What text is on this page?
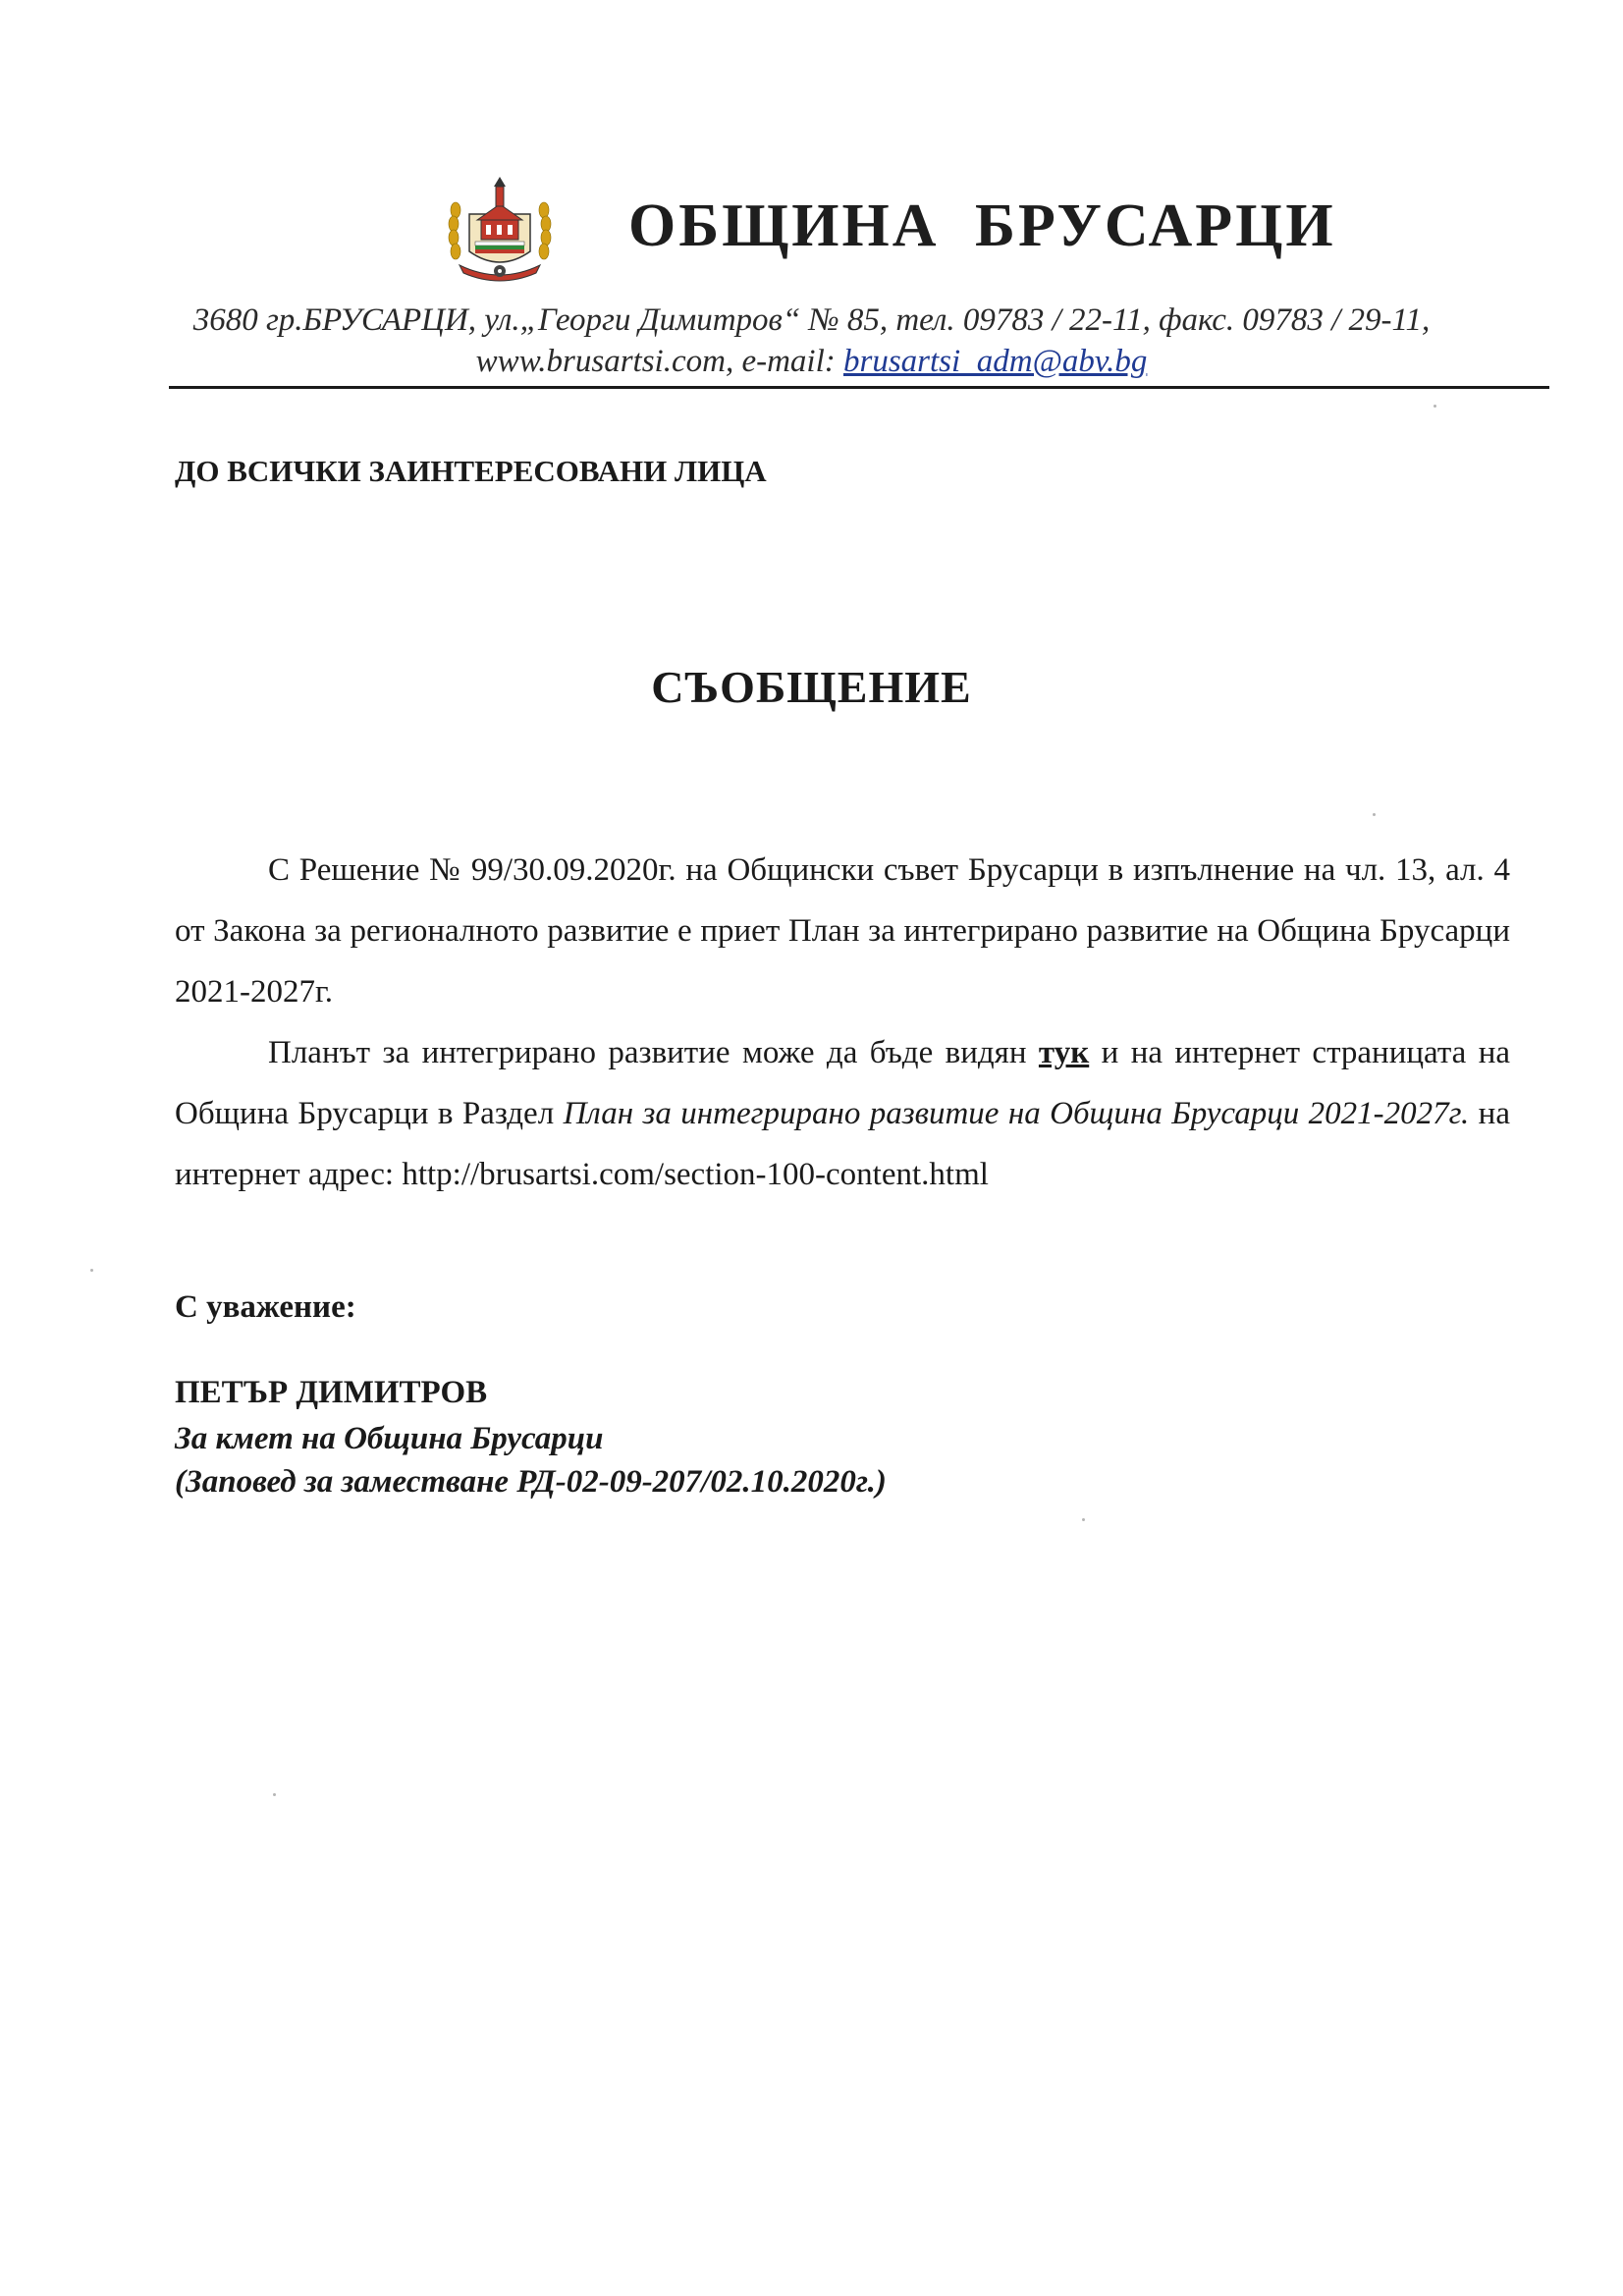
ОБЩИНА БРУСАРЦИ
3680 гр.БРУСАРЦИ, ул.„Георги Димитров“ № 85, тел. 09783 / 22-11, факс. 09783 / 29-11,
www.brusartsi.com, e-mail: brusartsi_adm@abv.bg
ДО ВСИЧКИ ЗАИНТЕРЕСОВАНИ ЛИЦА
СЪОБЩЕНИЕ

С Решение № 99/30.09.2020г. на Общински съвет Брусарци в изпълнение на чл. 13, ал. 4 от Закона за регионалното развитие е приет План за интегрирано развитие на Община Брусарци 2021-2027г.

Планът за интегрирано развитие може да бъде видян тук и на интернет страницата на Община Брусарци в Раздел План за интегрирано развитие на Община Брусарци 2021-2027г. на интернет адрес: http://brusartsi.com/section-100-content.html

С уважение:
ПЕТЪР ДИМИТРОВ
За кмет на Община Брусарци
(Заповед за заместване РД-02-09-207/02.10.2020г.)
